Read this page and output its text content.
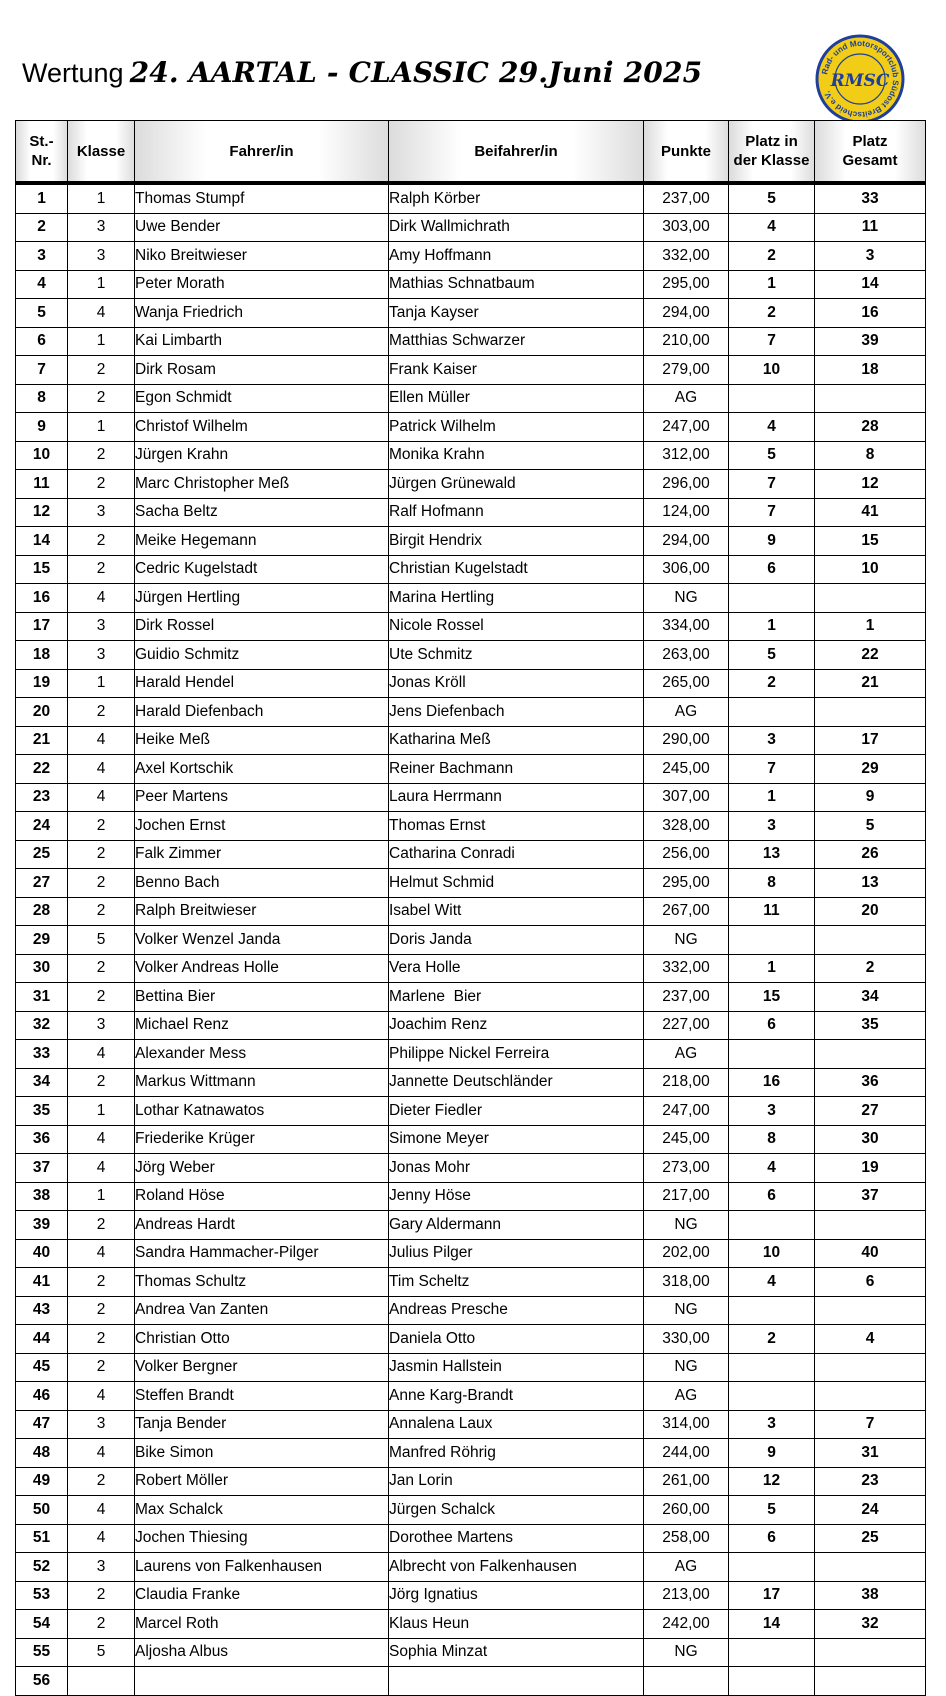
Wertung 24. AARTAL - CLASSIC 29.Juni 2025	Rad- und Motorsportclub Südost Breitscheid e.V.
RMSC
St.-
Nr.	Klasse	Fahrer/in	Beifahrer/in	Punkte	Platz in
der Klasse	Platz
Gesamt
1	1	Thomas Stumpf	Ralph Körber	237,00	5	33
2	3	Uwe Bender	Dirk Wallmichrath	303,00	4	11
3	3	Niko Breitwieser	Amy Hoffmann	332,00	2	3
4	1	Peter Morath	Mathias Schnatbaum	295,00	1	14
5	4	Wanja Friedrich	Tanja Kayser	294,00	2	16
6	1	Kai Limbarth	Matthias Schwarzer	210,00	7	39
7	2	Dirk Rosam	Frank Kaiser	279,00	10	18
8	2	Egon Schmidt	Ellen Müller	AG		
9	1	Christof Wilhelm	Patrick Wilhelm	247,00	4	28
10	2	Jürgen Krahn	Monika Krahn	312,00	5	8
11	2	Marc Christopher Meß	Jürgen Grünewald	296,00	7	12
12	3	Sacha Beltz	Ralf Hofmann	124,00	7	41
14	2	Meike Hegemann	Birgit Hendrix	294,00	9	15
15	2	Cedric Kugelstadt	Christian Kugelstadt	306,00	6	10
16	4	Jürgen Hertling	Marina Hertling	NG		
17	3	Dirk Rossel	Nicole Rossel	334,00	1	1
18	3	Guidio Schmitz	Ute Schmitz	263,00	5	22
19	1	Harald Hendel	Jonas Kröll	265,00	2	21
20	2	Harald Diefenbach	Jens Diefenbach	AG		
21	4	Heike Meß	Katharina Meß	290,00	3	17
22	4	Axel Kortschik	Reiner Bachmann	245,00	7	29
23	4	Peer Martens	Laura Herrmann	307,00	1	9
24	2	Jochen Ernst	Thomas Ernst	328,00	3	5
25	2	Falk Zimmer	Catharina Conradi	256,00	13	26
27	2	Benno Bach	Helmut Schmid	295,00	8	13
28	2	Ralph Breitwieser	Isabel Witt	267,00	11	20
29	5	Volker Wenzel Janda	Doris Janda	NG		
30	2	Volker Andreas Holle	Vera Holle	332,00	1	2
31	2	Bettina Bier	Marlene  Bier	237,00	15	34
32	3	Michael Renz	Joachim Renz	227,00	6	35
33	4	Alexander Mess	Philippe Nickel Ferreira	AG		
34	2	Markus Wittmann	Jannette Deutschländer	218,00	16	36
35	1	Lothar Katnawatos	Dieter Fiedler	247,00	3	27
36	4	Friederike Krüger	Simone Meyer	245,00	8	30
37	4	Jörg Weber	Jonas Mohr	273,00	4	19
38	1	Roland Höse	Jenny Höse	217,00	6	37
39	2	Andreas Hardt	Gary Aldermann	NG		
40	4	Sandra Hammacher-Pilger	Julius Pilger	202,00	10	40
41	2	Thomas Schultz	Tim Scheltz	318,00	4	6
43	2	Andrea Van Zanten	Andreas Presche	NG		
44	2	Christian Otto	Daniela Otto	330,00	2	4
45	2	Volker Bergner	Jasmin Hallstein	NG		
46	4	Steffen Brandt	Anne Karg-Brandt	AG		
47	3	Tanja Bender	Annalena Laux	314,00	3	7
48	4	Bike Simon	Manfred Röhrig	244,00	9	31
49	2	Robert Möller	Jan Lorin	261,00	12	23
50	4	Max Schalck	Jürgen Schalck	260,00	5	24
51	4	Jochen Thiesing	Dorothee Martens	258,00	6	25
52	3	Laurens von Falkenhausen	Albrecht von Falkenhausen	AG		
53	2	Claudia Franke	Jörg Ignatius	213,00	17	38
54	2	Marcel Roth	Klaus Heun	242,00	14	32
55	5	Aljosha Albus	Sophia Minzat	NG		
56						
